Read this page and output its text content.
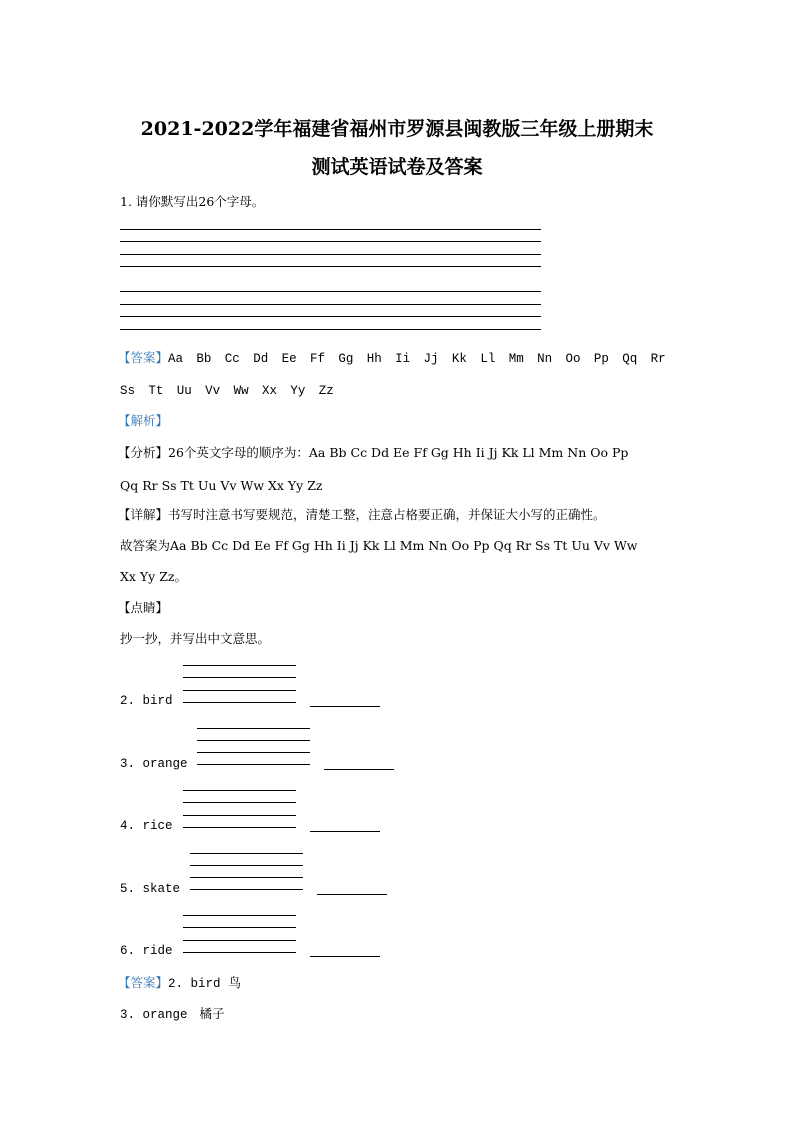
2021-2022学年福建省福州市罗源县闽教版三年级上册期末
测试英语试卷及答案
1. 请你默写出26个字母。
【答案】Aa Bb Cc Dd Ee Ff Gg Hh Ii Jj Kk Ll Mm Nn Oo Pp Qq Rr
Ss Tt Uu Vv Ww Xx Yy Zz
【解析】
【分析】26个英文字母的顺序为：Aa Bb Cc Dd Ee Ff Gg Hh Ii Jj Kk Ll Mm Nn Oo Pp
Qq Rr Ss Tt Uu Vv Ww Xx Yy Zz
【详解】书写时注意书写要规范，清楚工整，注意占格要正确，并保证大小写的正确性。
故答案为Aa Bb Cc Dd Ee Ff Gg Hh Ii Jj Kk Ll Mm Nn Oo Pp Qq Rr Ss Tt Uu Vv Ww
Xx Yy Zz。
【点睛】
抄一抄，并写出中文意思。
2. bird
3. orange
4. rice
5. skate
6. ride
【答案】2. bird 鸟
3. orange 橘子
